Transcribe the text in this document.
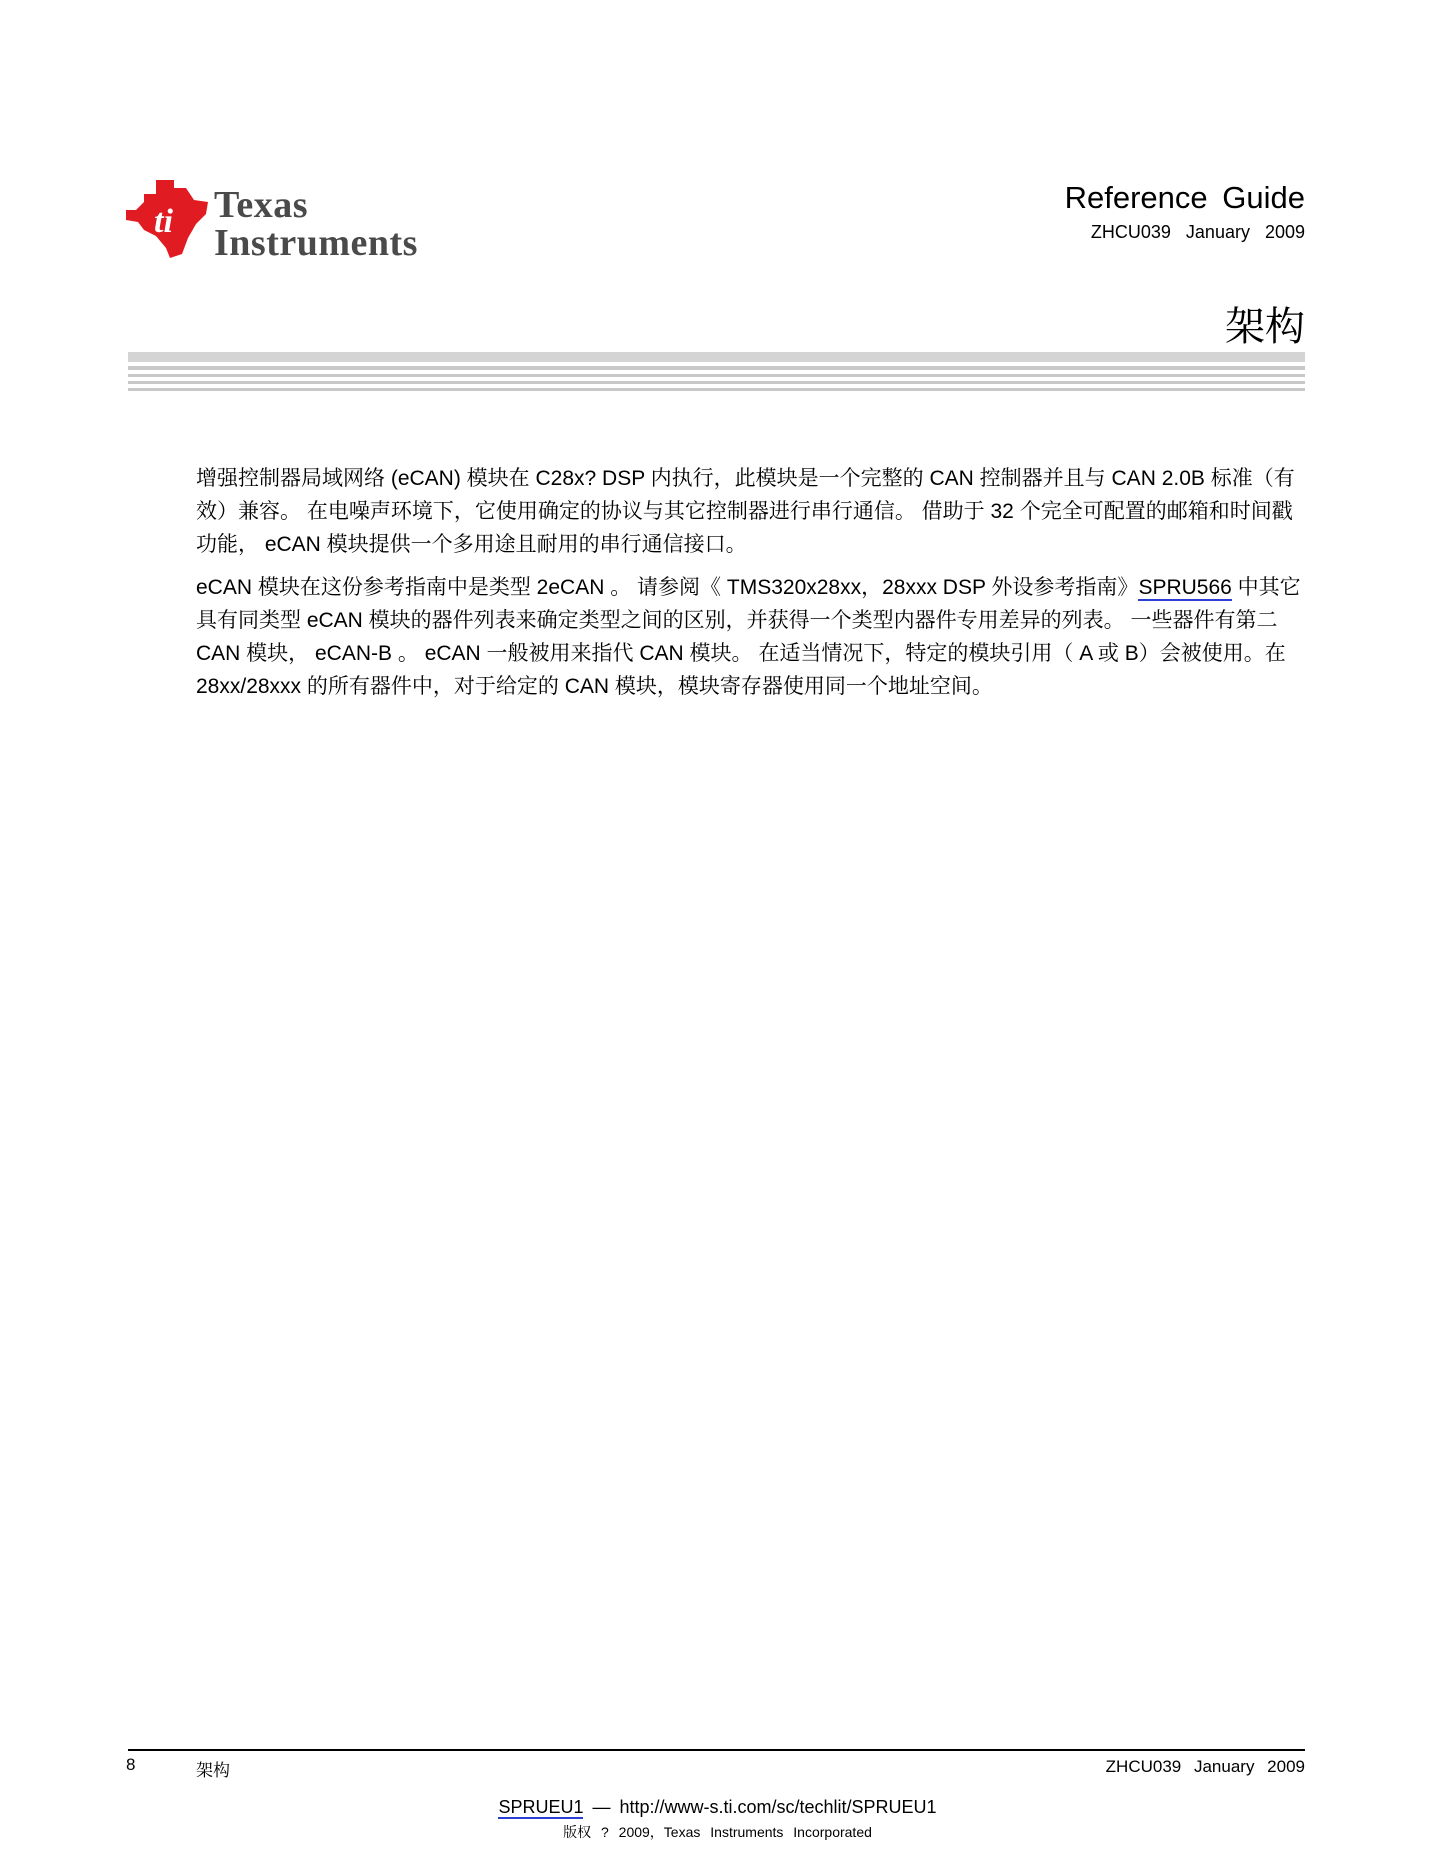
ti Texas
Instruments
Reference Guide
ZHCU039 January 2009
架构

增强控制器局域网络 (eCAN) 模块在 C28x? DSP 内执行，此模块是一个完整的 CAN 控制器并且与 CAN 2.0B 标准（有效）兼容。 在电噪声环境下，它使用确定的协议与其它控制器进行串行通信。 借助于 32 个完全可配置的邮箱和时间戳功能， eCAN 模块提供一个多用途且耐用的串行通信接口。

eCAN 模块在这份参考指南中是类型 2eCAN 。 请参阅《 TMS320x28xx，28xxx DSP 外设参考指南》SPRU566 中其它具有同类型 eCAN 模块的器件列表来确定类型之间的区别，并获得一个类型内器件专用差异的列表。 一些器件有第二 CAN 模块， eCAN-B 。 eCAN 一般被用来指代 CAN 模块。 在适当情况下，特定的模块引用（ A 或 B）会被使用。在 28xx/28xxx 的所有器件中，对于给定的 CAN 模块，模块寄存器使用同一个地址空间。

8	架构	ZHCU039 January 2009
SPRUEU1 — http://www-s.ti.com/sc/techlit/SPRUEU1
版权 ? 2009，Texas Instruments Incorporated
